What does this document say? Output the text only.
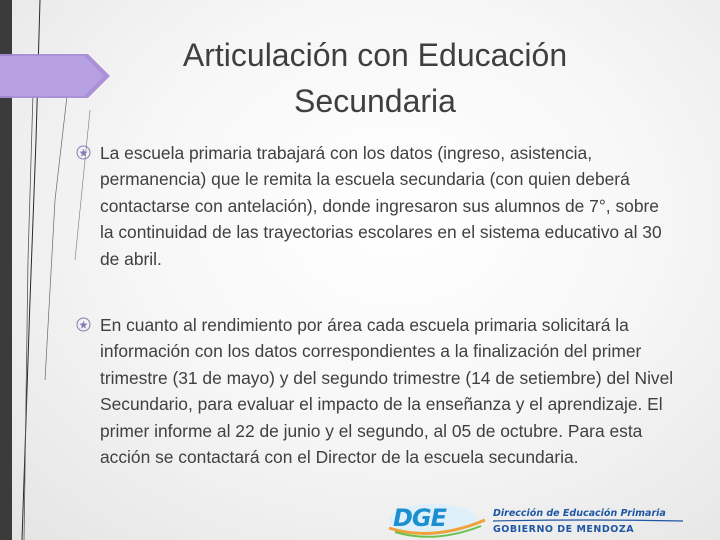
Articulación con Educación
Secundaria
La escuela primaria trabajará con los datos (ingreso, asistencia, permanencia) que le remita la escuela secundaria (con quien deberá contactarse con antelación), donde ingresaron sus alumnos de 7°, sobre la continuidad de las trayectorias escolares en el sistema educativo al 30 de abril.
En cuanto al rendimiento por área cada escuela primaria solicitará la información con los datos correspondientes a la finalización del primer trimestre (31 de mayo) y del segundo trimestre (14 de setiembre) del Nivel Secundario, para evaluar el impacto de la enseñanza y el aprendizaje. El primer informe al 22 de junio y el segundo, al 05 de octubre. Para esta acción se contactará con el Director de la escuela secundaria.
DGE	Dirección de Educación Primaria
GOBIERNO DE MENDOZA
